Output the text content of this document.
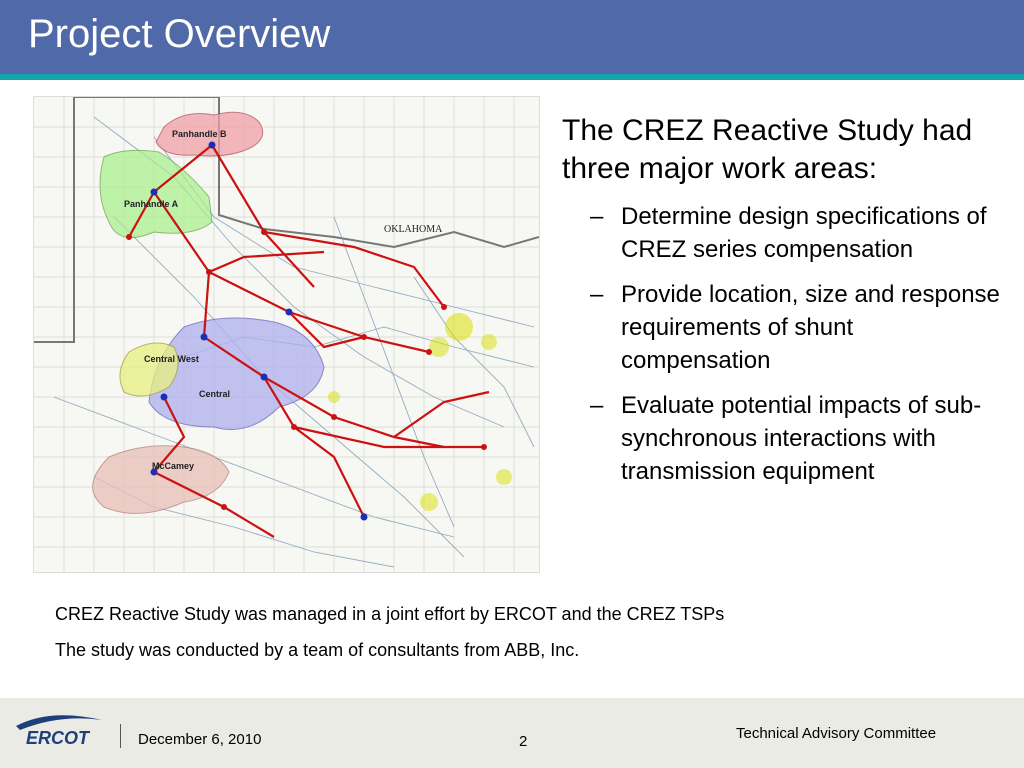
Project Overview
OKLAHOMA
Panhandle B
Panhandle A
Central West
Central
McCamey
The CREZ Reactive Study had three major work areas:
– Determine design specifications of CREZ series compensation
– Provide location, size and response requirements of shunt compensation
– Evaluate potential impacts of sub-synchronous interactions with transmission equipment
CREZ Reactive Study was managed in a joint effort by ERCOT and the CREZ TSPs
The study was conducted by a team of consultants from ABB, Inc.
ERCOT	December 6, 2010	2	Technical Advisory Committee
